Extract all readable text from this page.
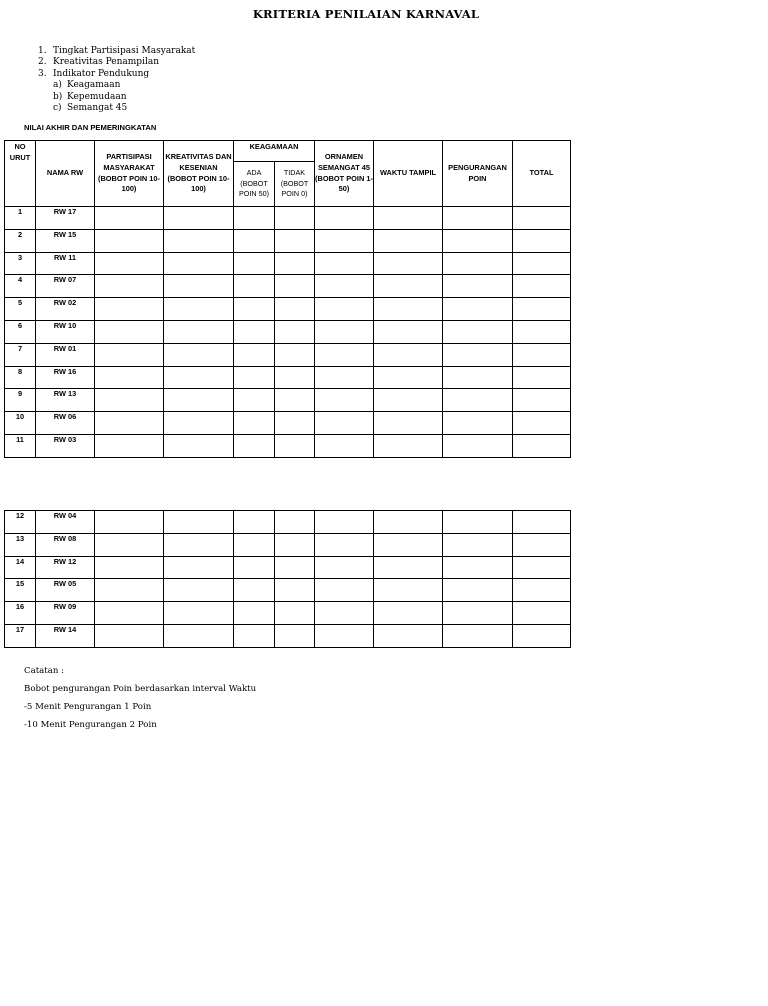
KRITERIA PENILAIAN KARNAVAL
1. Tingkat Partisipasi Masyarakat
2. Kreativitas Penampilan
3. Indikator Pendukung
a) Keagamaan
b) Kepemudaan
c) Semangat 45
NILAI AKHIR DAN PEMERINGKATAN
NO URUT	NAMA RW	PARTISIPASI MASYARAKAT (BOBOT POIN 10-100)	KREATIVITAS DAN KESENIAN (BOBOT POIN 10-100)	KEAGAMAAN		ORNAMEN SEMANGAT 45 (BOBOT POIN 1- 50)	WAKTU TAMPIL	PENGURANGAN POIN	TOTAL
				ADA (BOBOT POIN 50)	TIDAK (BOBOT POIN 0)				
1	RW 17								
2	RW 15								
3	RW 11								
4	RW 07								
5	RW 02								
6	RW 10								
7	RW 01								
8	RW 16								
9	RW 13								
10	RW 06								
11	RW 03								
12	RW 04								
13	RW 08								
14	RW 12								
15	RW 05								
16	RW 09								
17	RW 14								
Catatan :
Bobot pengurangan Poin berdasarkan interval Waktu
-5 Menit Pengurangan 1 Poin
-10 Menit Pengurangan 2 Poin
